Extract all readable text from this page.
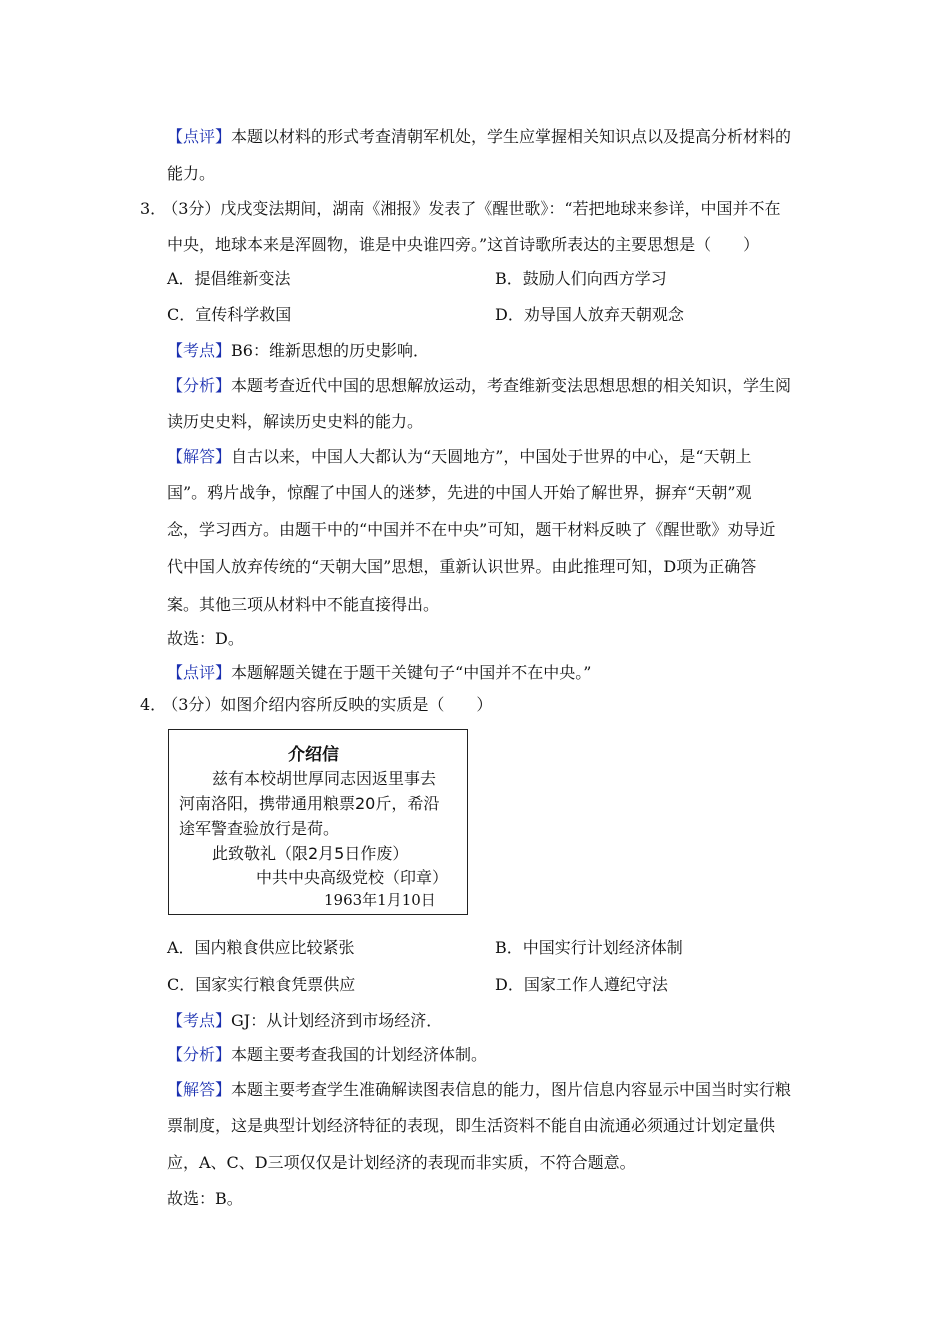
【点评】本题以材料的形式考查清朝军机处，学生应掌握相关知识点以及提高分析材料的
能力。
3． （3分）戊戌变法期间，湖南《湘报》发表了《醒世歌》：“若把地球来参详，中国并不在
中央，地球本来是浑圆物，谁是中央谁四旁。”这首诗歌所表达的主要思想是（　　）
A．提倡维新变法	B．鼓励人们向西方学习
C．宣传科学救国	D．劝导国人放弃天朝观念
【考点】B6：维新思想的历史影响．
【分析】本题考查近代中国的思想解放运动，考查维新变法思想思想的相关知识，学生阅
读历史史料，解读历史史料的能力。
【解答】自古以来，中国人大都认为“天圆地方”，中国处于世界的中心，是“天朝上
国”。鸦片战争，惊醒了中国人的迷梦，先进的中国人开始了解世界，摒弃“天朝”观
念，学习西方。由题干中的“中国并不在中央”可知，题干材料反映了《醒世歌》劝导近
代中国人放弃传统的“天朝大国”思想，重新认识世界。由此推理可知，D项为正确答
案。其他三项从材料中不能直接得出。
故选：D。
【点评】本题解题关键在于题干关键句子“中国并不在中央。”
4． （3分）如图介绍内容所反映的实质是（　　）
介绍信
兹有本校胡世厚同志因返里事去
河南洛阳，携带通用粮票20斤，希沿
途军警查验放行是荷。
此致敬礼（限2月5日作废）
中共中央高级党校（印章）
1963年1月10日
A．国内粮食供应比较紧张	B．中国实行计划经济体制
C．国家实行粮食凭票供应	D．国家工作人遵纪守法
【考点】GJ：从计划经济到市场经济．
【分析】本题主要考查我国的计划经济体制。
【解答】本题主要考查学生准确解读图表信息的能力，图片信息内容显示中国当时实行粮
票制度，这是典型计划经济特征的表现，即生活资料不能自由流通必须通过计划定量供
应，A、C、D三项仅仅是计划经济的表现而非实质，不符合题意。
故选：B。
